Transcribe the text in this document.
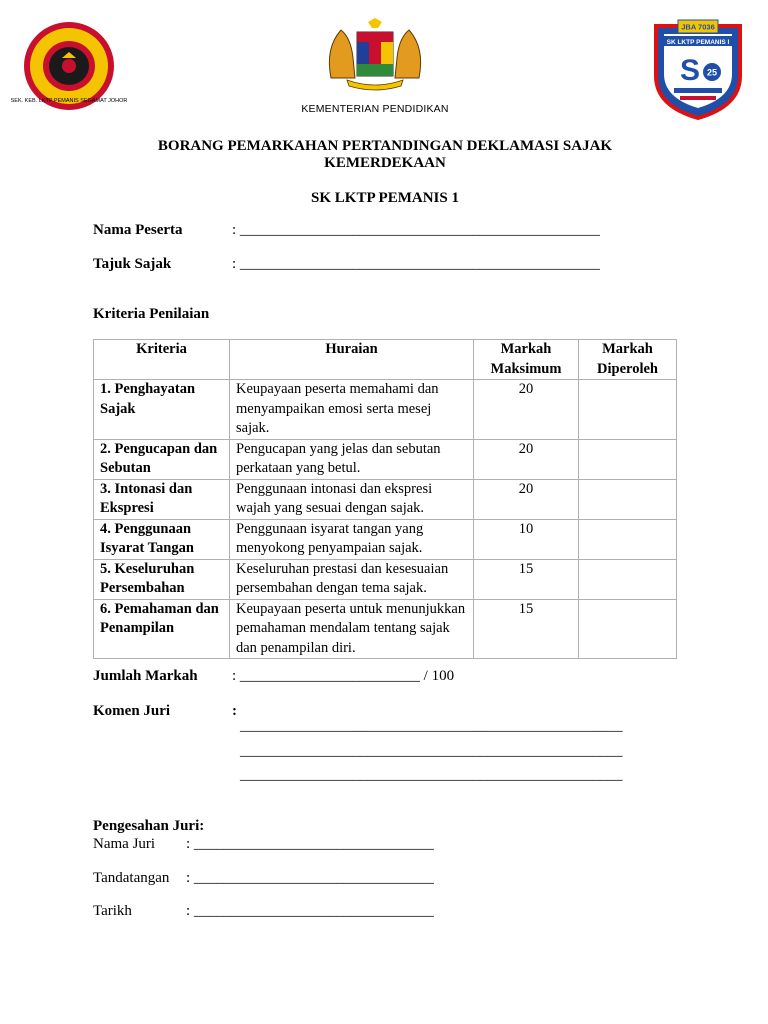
SEK. KEB. LKTP PEMANIS SEGAMAT JOHOR
KEMENTERIAN PENDIDIKAN
JBA 7036
SK LKTP PEMANIS I
S 25
BORANG PEMARKAHAN PERTANDINGAN DEKLAMASI SAJAK
KEMERDEKAAN
SK LKTP PEMANIS 1
Nama Peserta	: ________________________________________________
Tajuk Sajak	: ________________________________________________
Kriteria Penilaian
Kriteria	Huraian	Markah Maksimum	Markah Diperoleh
1. Penghayatan Sajak	Keupayaan peserta memahami dan menyampaikan emosi serta mesej sajak.	20	
2. Pengucapan dan Sebutan	Pengucapan yang jelas dan sebutan perkataan yang betul.	20	
3. Intonasi dan Ekspresi	Penggunaan intonasi dan ekspresi wajah yang sesuai dengan sajak.	20	
4. Penggunaan Isyarat Tangan	Penggunaan isyarat tangan yang menyokong penyampaian sajak.	10	
5. Keseluruhan Persembahan	Keseluruhan prestasi dan kesesuaian persembahan dengan tema sajak.	15	
6. Pemahaman dan Penampilan	Keupayaan peserta untuk menunjukkan pemahaman mendalam tentang sajak dan penampilan diri.	15	
Jumlah Markah : ________________________ / 100
Komen Juri	:
___________________________________________________
___________________________________________________
___________________________________________________
Pengesahan Juri:
Nama Juri : ________________________________
Tandatangan : ________________________________
Tarikh	: ________________________________
